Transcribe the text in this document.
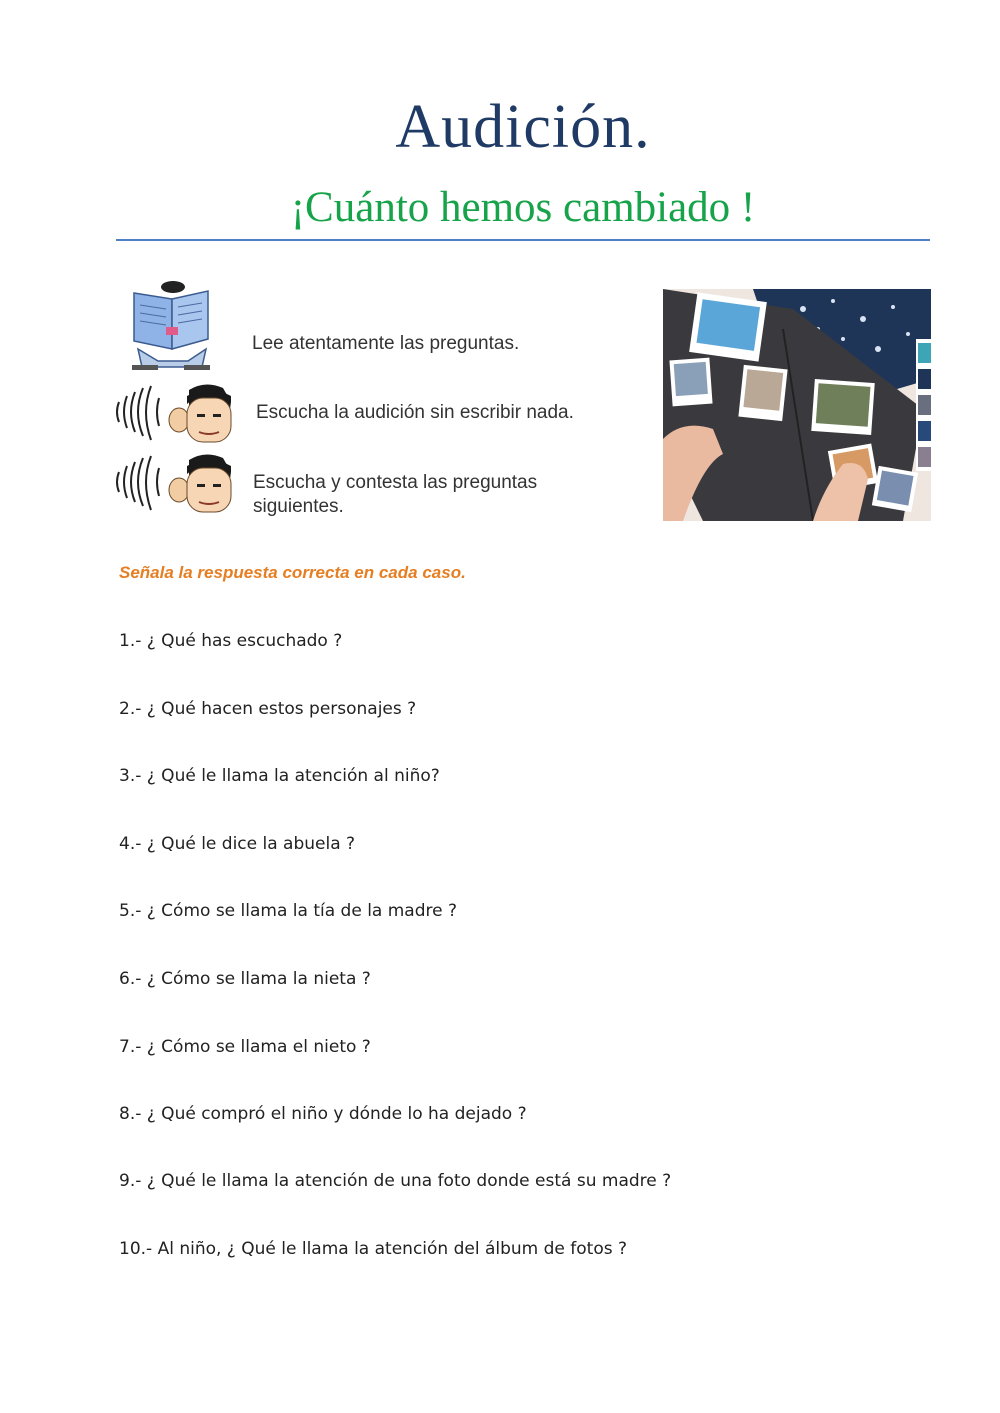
Audición.
¡Cuánto hemos cambiado !
Lee atentamente las preguntas.
Escucha la audición sin escribir nada.
Escucha y contesta las preguntas siguientes.
Señala la respuesta correcta en cada caso.
1.- ¿ Qué has escuchado ?
2.- ¿ Qué hacen estos personajes ?
3.- ¿ Qué le llama la atención al niño?
4.- ¿ Qué le dice la abuela ?
5.- ¿ Cómo se llama la tía de la madre ?
6.- ¿ Cómo se llama la nieta ?
7.- ¿ Cómo se llama el nieto ?
8.- ¿ Qué compró el niño y dónde lo ha dejado ?
9.- ¿ Qué le llama la atención de una foto donde está su madre ?
10.- Al niño, ¿ Qué le llama la atención del álbum de fotos ?
